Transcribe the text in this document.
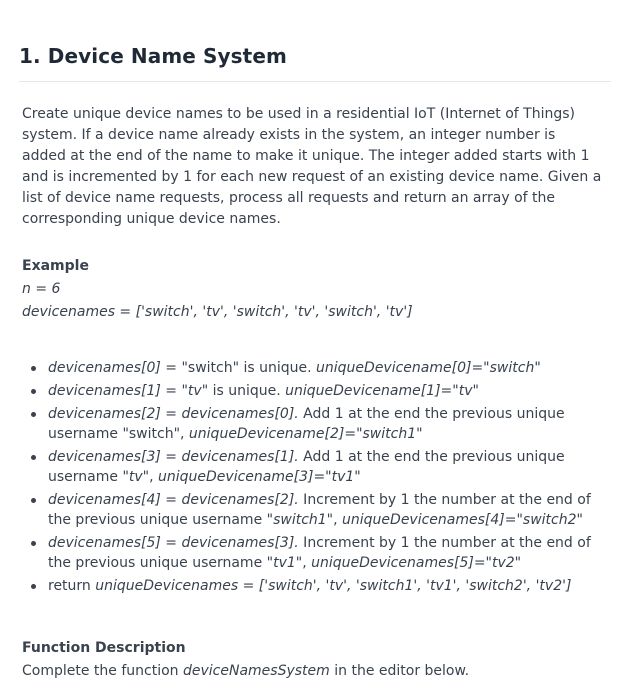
1. Device Name System

Create unique device names to be used in a residential IoT (Internet of Things) system. If a device name already exists in the system, an integer number is added at the end of the name to make it unique. The integer added starts with 1 and is incremented by 1 for each new request of an existing device name. Given a list of device name requests, process all requests and return an array of the corresponding unique device names.

Example
n = 6
devicenames = ['switch', 'tv', 'switch', 'tv', 'switch', 'tv']
devicenames[0] = "switch" is unique. uniqueDevicename[0]="switch"
devicenames[1] = "tv" is unique. uniqueDevicename[1]="tv"
devicenames[2] = devicenames[0]. Add 1 at the end the previous unique username "switch", uniqueDevicename[2]="switch1"
devicenames[3] = devicenames[1]. Add 1 at the end the previous unique username "tv", uniqueDevicename[3]="tv1"
devicenames[4] = devicenames[2]. Increment by 1 the number at the end of the previous unique username "switch1", uniqueDevicenames[4]="switch2"
devicenames[5] = devicenames[3]. Increment by 1 the number at the end of the previous unique username "tv1", uniqueDevicenames[5]="tv2"
return uniqueDevicenames = ['switch', 'tv', 'switch1', 'tv1', 'switch2', 'tv2']
Function Description
Complete the function deviceNamesSystem in the editor below.
